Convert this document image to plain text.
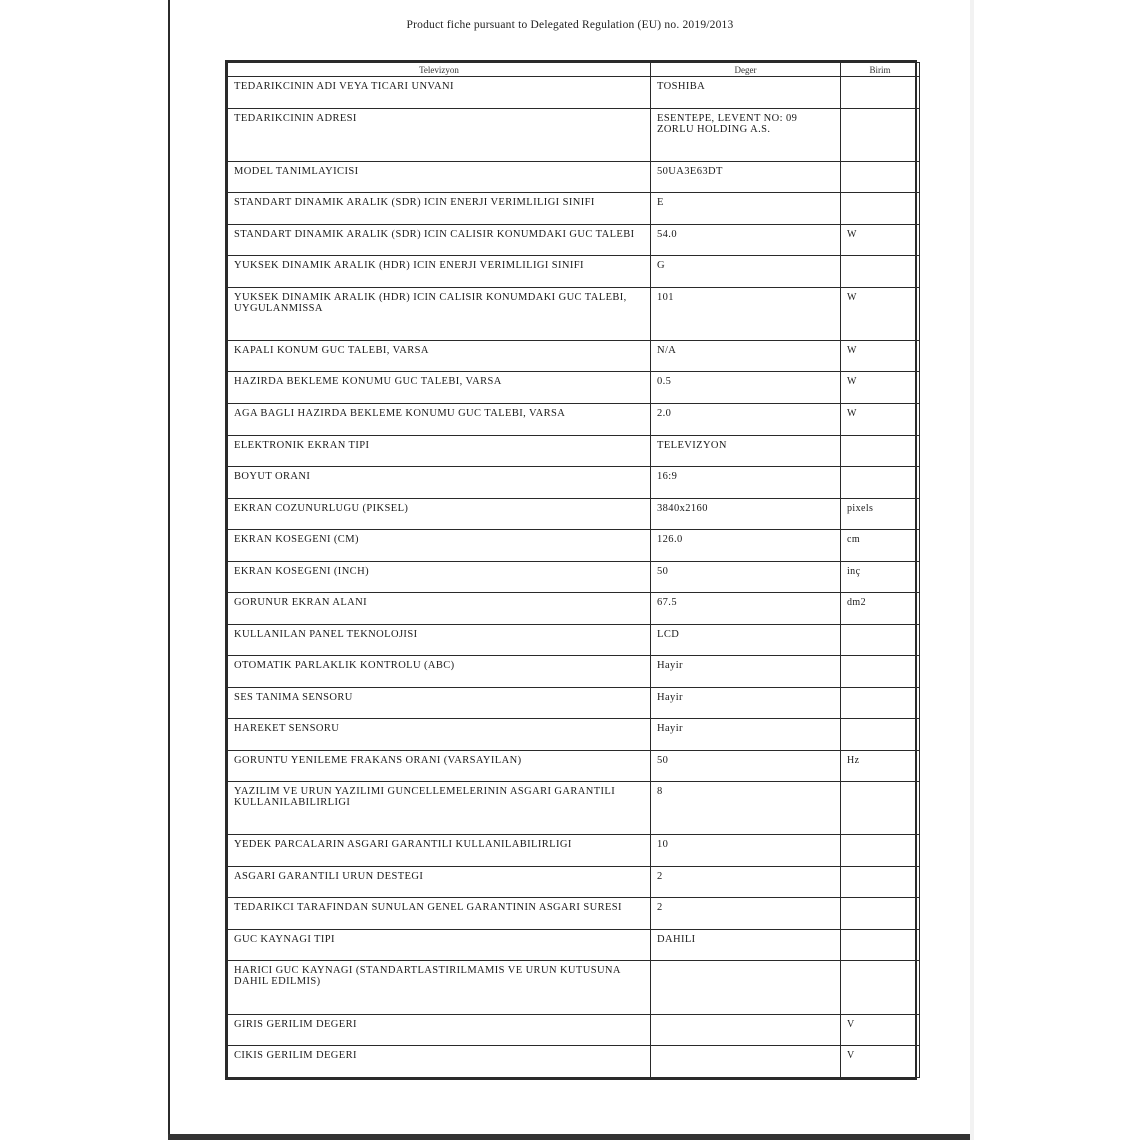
Product fiche pursuant to Delegated Regulation (EU) no. 2019/2013
Televizyon	Deger	Birim
TEDARIKCININ ADI VEYA TICARI UNVANI	TOSHIBA	
TEDARIKCININ ADRESI	ESENTEPE, LEVENT NO: 09 ZORLU HOLDING A.S.	
MODEL TANIMLAYICISI	50UA3E63DT	
STANDART DINAMIK ARALIK (SDR) ICIN ENERJI VERIMLILIGI SINIFI	E	
STANDART DINAMIK ARALIK (SDR) ICIN CALISIR KONUMDAKI GUC TALEBI	54.0	W
YUKSEK DINAMIK ARALIK (HDR) ICIN ENERJI VERIMLILIGI SINIFI	G	
YUKSEK DINAMIK ARALIK (HDR) ICIN CALISIR KONUMDAKI GUC TALEBI, UYGULANMISSA	101	W
KAPALI KONUM GUC TALEBI, VARSA	N/A	W
HAZIRDA BEKLEME KONUMU GUC TALEBI, VARSA	0.5	W
AGA BAGLI HAZIRDA BEKLEME KONUMU GUC TALEBI, VARSA	2.0	W
ELEKTRONIK EKRAN TIPI	TELEVIZYON	
BOYUT ORANI	16:9	
EKRAN COZUNURLUGU (PIKSEL)	3840x2160	pixels
EKRAN KOSEGENI (CM)	126.0	cm
EKRAN KOSEGENI (INCH)	50	inç
GORUNUR EKRAN ALANI	67.5	dm2
KULLANILAN PANEL TEKNOLOJISI	LCD	
OTOMATIK PARLAKLIK KONTROLU (ABC)	Hayir	
SES TANIMA SENSORU	Hayir	
HAREKET SENSORU	Hayir	
GORUNTU YENILEME FRAKANS ORANI (VARSAYILAN)	50	Hz
YAZILIM VE URUN YAZILIMI GUNCELLEMELERININ ASGARI GARANTILI KULLANILABILIRLIGI	8	
YEDEK PARCALARIN ASGARI GARANTILI KULLANILABILIRLIGI	10	
ASGARI GARANTILI URUN DESTEGI	2	
TEDARIKCI TARAFINDAN SUNULAN GENEL GARANTININ ASGARI SURESI	2	
GUC KAYNAGI TIPI	DAHILI	
HARICI GUC KAYNAGI (STANDARTLASTIRILMAMIS VE URUN KUTUSUNA DAHIL EDILMIS)		
GIRIS GERILIM DEGERI		V
CIKIS GERILIM DEGERI		V
